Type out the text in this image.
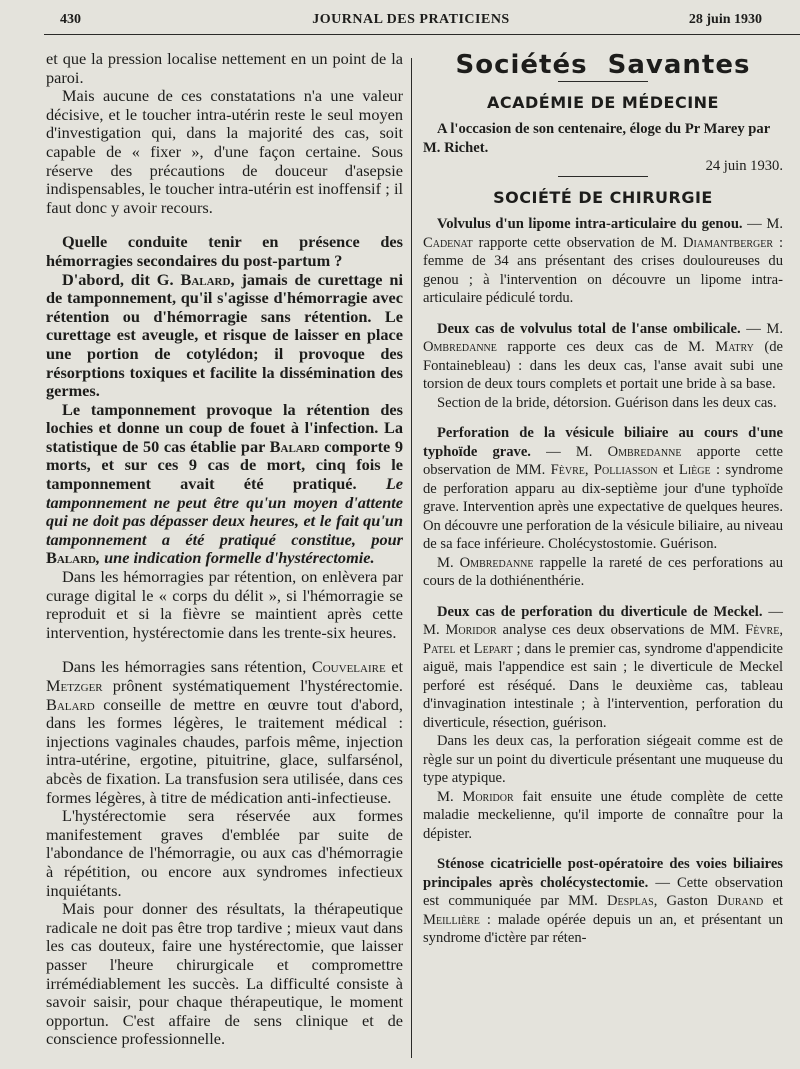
430	JOURNAL DES PRATICIENS	28 juin 1930

et que la pression localise nettement en un point de la paroi.

Mais aucune de ces constatations n'a une valeur décisive, et le toucher intra-utérin reste le seul moyen d'investigation qui, dans la majorité des cas, soit capable de « fixer », d'une façon certaine. Sous réserve des précautions de douceur d'asepsie indispensables, le toucher intra-utérin est inoffensif ; il faut donc y avoir recours.

Quelle conduite tenir en présence des hémorragies secondaires du post-partum ?

D'abord, dit G. Balard, jamais de curettage ni de tamponnement, qu'il s'agisse d'hémorragie avec rétention ou d'hémorragie sans rétention. Le curettage est aveugle, et risque de laisser en place une portion de cotylédon; il provoque des résorptions toxiques et facilite la dissémination des germes.

Le tamponnement provoque la rétention des lochies et donne un coup de fouet à l'infection. La statistique de 50 cas établie par Balard comporte 9 morts, et sur ces 9 cas de mort, cinq fois le tamponnement avait été pratiqué. Le tamponnement ne peut être qu'un moyen d'attente qui ne doit pas dépasser deux heures, et le fait qu'un tamponnement a été pratiqué constitue, pour Balard, une indication formelle d'hystérectomie.

Dans les hémorragies par rétention, on enlèvera par curage digital le « corps du délit », si l'hémorragie se reproduit et si la fièvre se maintient après cette intervention, hystérectomie dans les trente-six heures.

Dans les hémorragies sans rétention, Couvelaire et Metzger prônent systématiquement l'hystérectomie. Balard conseille de mettre en œuvre tout d'abord, dans les formes légères, le traitement médical : injections vaginales chaudes, parfois même, injection intra-utérine, ergotine, pituitrine, glace, sulfarsénol, abcès de fixation. La transfusion sera utilisée, dans ces formes légères, à titre de médication anti-infectieuse.

L'hystérectomie sera réservée aux formes manifestement graves d'emblée par suite de l'abondance de l'hémorragie, ou aux cas d'hémorragie à répétition, ou encore aux syndromes infectieux inquiétants.

Mais pour donner des résultats, la thérapeutique radicale ne doit pas être trop tardive ; mieux vaut dans les cas douteux, faire une hystérectomie, que laisser passer l'heure chirurgicale et compromettre irrémédiablement les succès. La difficulté consiste à savoir saisir, pour chaque thérapeutique, le moment opportun. C'est affaire de sens clinique et de conscience professionnelle.

Sociétés Savantes
ACADÉMIE DE MÉDECINE

A l'occasion de son centenaire, éloge du Pr Marey par M. Richet.

24 juin 1930.

SOCIÉTÉ DE CHIRURGIE

Volvulus d'un lipome intra-articulaire du genou. — M. Cadenat rapporte cette observation de M. Diamantberger : femme de 34 ans présentant des crises douloureuses du genou ; à l'intervention on découvre un lipome intra-articulaire pédiculé tordu.

Deux cas de volvulus total de l'anse ombilicale. — M. Ombredanne rapporte ces deux cas de M. Matry (de Fontainebleau) : dans les deux cas, l'anse avait subi une torsion de deux tours complets et portait une bride à sa base.

Section de la bride, détorsion. Guérison dans les deux cas.

Perforation de la vésicule biliaire au cours d'une typhoïde grave. — M. Ombredanne apporte cette observation de MM. Fèvre, Polliasson et Liège : syndrome de perforation apparu au dix-septième jour d'une typhoïde grave. Intervention après une expectative de quelques heures. On découvre une perforation de la vésicule biliaire, au niveau de sa face inférieure. Cholécystostomie. Guérison.

M. Ombredanne rappelle la rareté de ces perforations au cours de la dothiénenthérie.

Deux cas de perforation du diverticule de Meckel. — M. Moridor analyse ces deux observations de MM. Fèvre, Patel et Lepart ; dans le premier cas, syndrome d'appendicite aiguë, mais l'appendice est sain ; le diverticule de Meckel perforé est réséqué. Dans le deuxième cas, tableau d'invagination intestinale ; à l'intervention, perforation du diverticule, résection, guérison.

Dans les deux cas, la perforation siégeait comme est de règle sur un point du diverticule présentant une muqueuse du type atypique.

M. Moridor fait ensuite une étude complète de cette maladie meckelienne, qu'il importe de connaître pour la dépister.

Sténose cicatricielle post-opératoire des voies biliaires principales après cholécystectomie. — Cette observation est communiquée par MM. Desplas, Gaston Durand et Meillière : malade opérée depuis un an, et présentant un syndrome d'ictère par réten-
